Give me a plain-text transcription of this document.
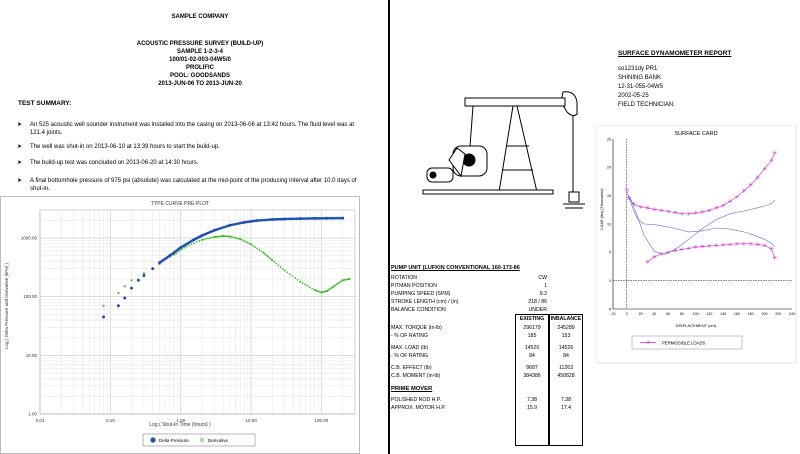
SAMPLE COMPANY
ACOUSTIC PRESSURE SURVEY (BUILD-UP)
SAMPLE 1-2-3-4
100/01-02-003-04W5/0
PROLIFIC
POOL: GOODSANDS
2013-JUN-06 TO 2013-JUN-20
TEST SUMMARY:
➤ An 525 acoustic well sounder instrument was installed into the casing on 2013-06-06 at 13:42 hours. The fluid level was at 121.4 joints.
➤ The well was shut-in on 2013-06-10 at 13:39 hours to start the build-up.
➤ The build-up test was concluded on 2013-06-20 at 14:30 hours.
➤ A final bottomhole pressure of 975 psi (absolute) was calculated at the mid-point of the producing interval after 10.0 days of shut-in.
TYPE CURVE PRE-PLOT
0.01	0.10	1.00	10.00	100.00
1000.00
100.00
10.00
1.00
Log ( Shut-In Time (hours) )
Log ( Delta Pressure and Derivative (kPa) )
Delta Pressure ✕ Derivative
SURFACE DYNAMOMETER REPORT
so1231dy PR1
SHINING BANK
12-31-055-04W5
2002-05-25
FIELD TECHNICIAN:
SURFACE CARD
-20	0	20	40	60	80 100 120 140 160 180 200 220 240
25
20
15
10
5
0
-5
✳
✳
✳ ✳ ✳ ✳ ✳ ✳ ✳ ✳ ✳ ✳ ✳ ✳ ✳ ✳
✳
✳
✳
✳
✳
✳
✳
✳
✳
✳ ✳ ✳ ✳ ✳ ✳ ✳ ✳ ✳ ✳ ✳ ✳ ✳ ✳ ✳ ✳ ✳ ✳
✳
DISPLACEMENT (cm)
LOAD (lbs) (Thousands)
✳	PERMISSIBLE LOADS
PUMP UNIT (LUFKIN CONVENTIONAL 160-173-86
ROTATION	CW
PITMAN POSITION	1
PUMPING SPEED (SPM)	9.2
STROKE LENGTH (cm) / (in)	218 / 86
BALANCE CONDITION	UNDER
EXISTING	INBALANCE
MAX. TORQUE (in-lb)	296179	245289
- % OF RATING	185	153
MAX. LOAD (lb)	14526	14526
- % OF RATING	84	84
C.B. EFFECT (lb)	9687	11263
C.B. MOMENT (in-lb)	384386	450828
PRIME MOVER
POLISHED ROD H.P.	7.38	7.38
APPROX. MOTOR H.P.	15.9	17.4
